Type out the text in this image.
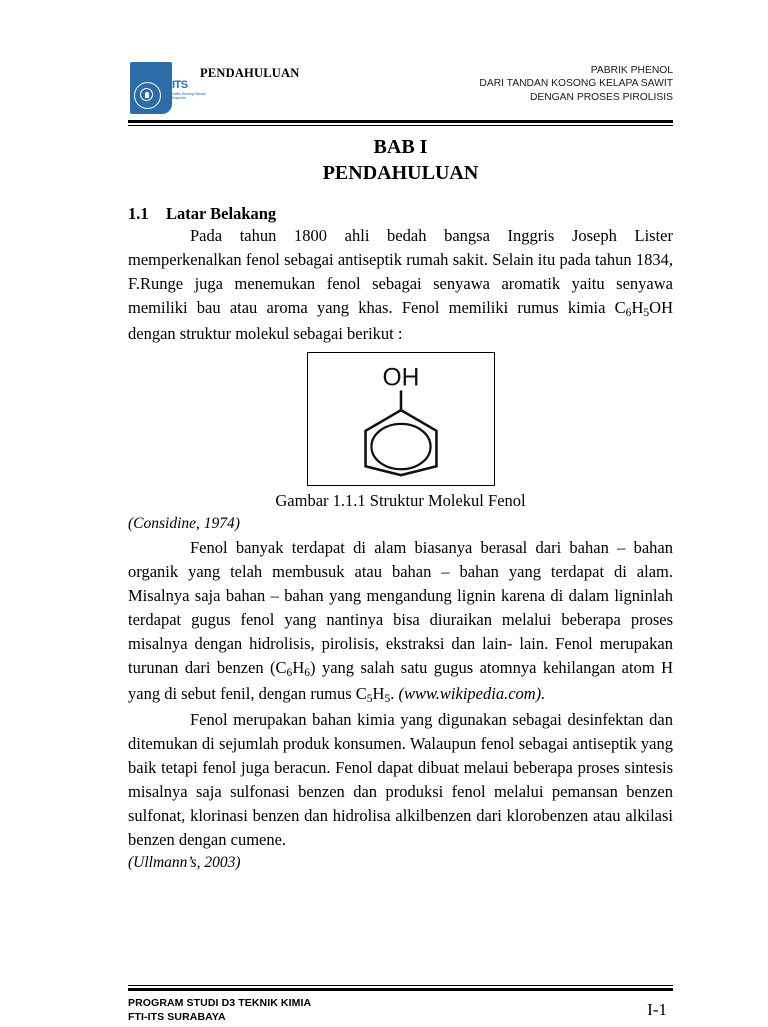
ITS
Institut Teknologi Sepuluh Nopember
PENDAHULUAN	PABRIK PHENOL
DARI TANDAN KOSONG KELAPA SAWIT
DENGAN PROSES PIROLISIS
BAB I
PENDAHULUAN
1.1	Latar Belakang

Pada tahun 1800 ahli bedah bangsa Inggris Joseph Lister memperkenalkan fenol sebagai antiseptik rumah sakit. Selain itu pada tahun 1834, F.Runge juga menemukan fenol sebagai senyawa aromatik yaitu senyawa memiliki bau atau aroma yang khas. Fenol memiliki rumus kimia $C_6H_5OH$ dengan struktur molekul sebagai berikut :

OH
Gambar 1.1.1 Struktur Molekul Fenol
(Considine, 1974)

Fenol banyak terdapat di alam biasanya berasal dari bahan – bahan organik yang telah membusuk atau bahan – bahan yang terdapat di alam. Misalnya saja bahan – bahan yang mengandung lignin karena di dalam ligninlah terdapat gugus fenol yang nantinya bisa diuraikan melalui beberapa proses misalnya dengan hidrolisis, pirolisis, ekstraksi dan lain- lain. Fenol merupakan turunan dari benzen $(C_6H_6)$ yang salah satu gugus atomnya kehilangan atom H yang di sebut fenil, dengan rumus $C_5H_5$. (www.wikipedia.com).

Fenol merupakan bahan kimia yang digunakan sebagai desinfektan dan ditemukan di sejumlah produk konsumen. Walaupun fenol sebagai antiseptik yang baik tetapi fenol juga beracun. Fenol dapat dibuat melaui beberapa proses sintesis misalnya saja sulfonasi benzen dan produksi fenol melalui pemansan benzen sulfonat, klorinasi benzen dan hidrolisa alkilbenzen dari klorobenzen atau alkilasi benzen dengan cumene.

(Ullmann’s, 2003)
PROGRAM STUDI D3 TEKNIK KIMIA
FTI-ITS SURABAYA	I-1
